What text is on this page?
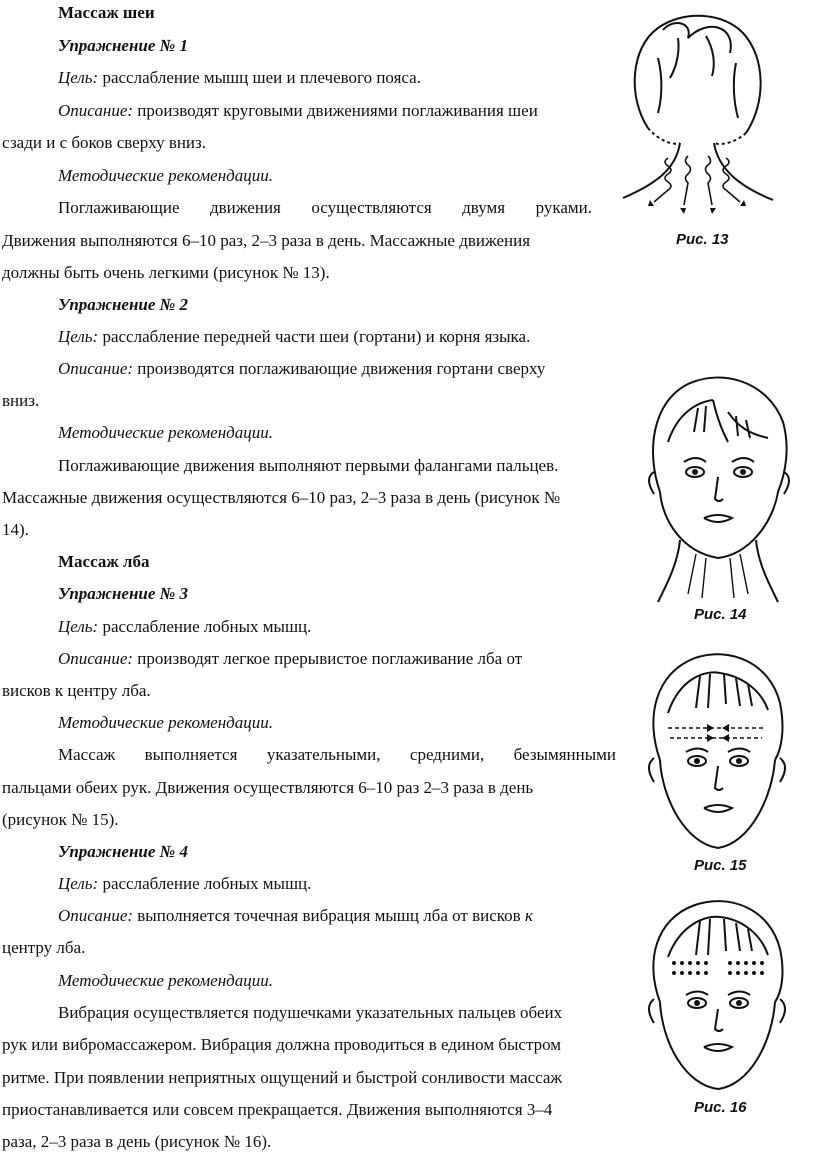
Массаж шеи
Упражнение № 1
Цель: расслабление мышц шеи и плечевого пояса.
Описание: производят круговыми движениями поглаживания шеи
сзади и с боков сверху вниз.
Методические рекомендации.
Поглаживающие движения осуществляются двумя руками.
Движения выполняются 6–10 раз, 2–3 раза в день. Массажные движения
должны быть очень легкими (рисунок № 13).
Упражнение № 2
Цель: расслабление передней части шеи (гортани) и корня языка.
Описание: производятся поглаживающие движения гортани сверху
вниз.
Методические рекомендации.
Поглаживающие движения выполняют первыми фалангами пальцев.
Массажные движения осуществляются 6–10 раз, 2–3 раза в день (рисунок №
14).
Массаж лба
Упражнение № 3
Цель: расслабление лобных мышц.
Описание: производят легкое прерывистое поглаживание лба от
висков к центру лба.
Методические рекомендации.
Массаж выполняется указательными, средними, безымянными
пальцами обеих рук. Движения осуществляются 6–10 раз 2–3 раза в день
(рисунок № 15).
Упражнение № 4
Цель: расслабление лобных мышц.
Описание: выполняется точечная вибрация мышц лба от висков к
центру лба.
Методические рекомендации.
Вибрация осуществляется подушечками указательных пальцев обеих
рук или вибромассажером. Вибрация должна проводиться в едином быстром
ритме. При появлении неприятных ощущений и быстрой сонливости массаж
приостанавливается или совсем прекращается. Движения выполняются 3–4
раза, 2–3 раза в день (рисунок № 16).
Рис. 13
Рис. 14
Рис. 15
Рис. 16
